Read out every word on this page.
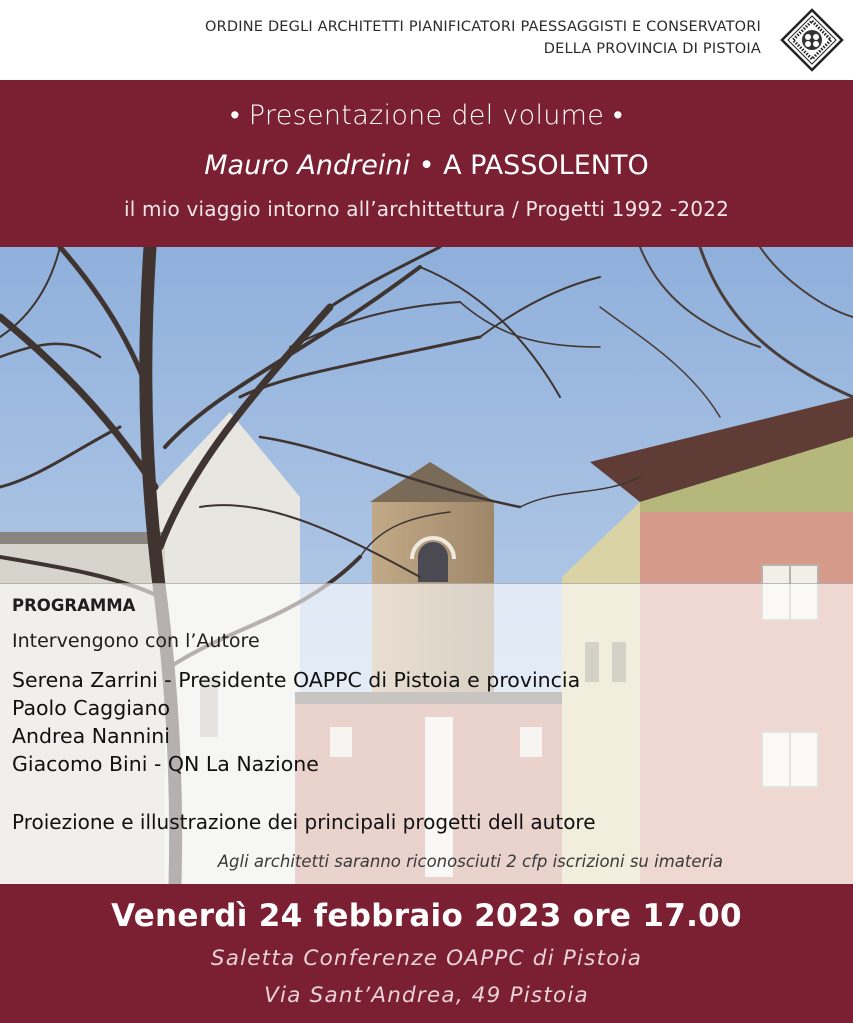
ORDINE DEGLI ARCHITETTI PIANIFICATORI PAESSAGGISTI E CONSERVATORI
DELLA PROVINCIA DI PISTOIA
• Presentazione del volume •
Mauro Andreini • A PASSOLENTO
il mio viaggio intorno all’archittettura / Progetti 1992 -2022
PROGRAMMA
Intervengono con l’Autore
Serena Zarrini - Presidente OAPPC di Pistoia e provincia
Paolo Caggiano
Andrea Nannini
Giacomo Bini - QN La Nazione
Proiezione e illustrazione dei principali progetti dell autore
Agli architetti saranno riconosciuti 2 cfp iscrizioni su imateria
Venerdì 24 febbraio 2023 ore 17.00
Saletta Conferenze OAPPC di Pistoia
Via Sant’Andrea, 49 Pistoia
